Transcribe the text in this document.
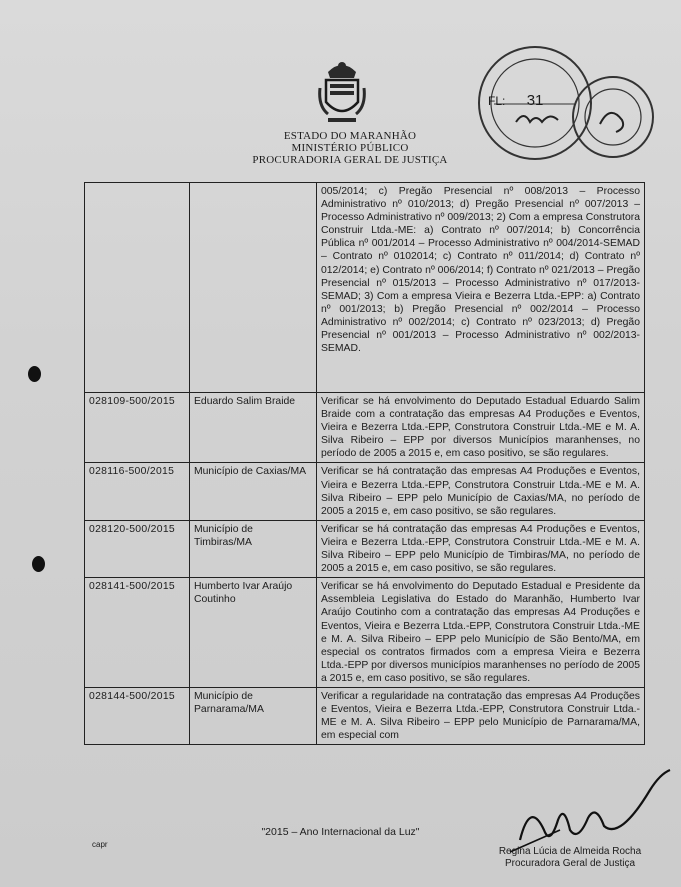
ESTADO DO MARANHÃO
MINISTÉRIO PÚBLICO
PROCURADORIA GERAL DE JUSTIÇA
FL: 31
		005/2014; c) Pregão Presencial nº 008/2013 – Processo Administrativo nº 010/2013; d) Pregão Presencial nº 007/2013 – Processo Administrativo nº 009/2013; 2) Com a empresa Construtora Construir Ltda.-ME: a) Contrato nº 007/2014; b) Concorrência Pública nº 001/2014 – Processo Administrativo nº 004/2014-SEMAD – Contrato nº 0102014; c) Contrato nº 011/2014; d) Contrato nº 012/2014; e) Contrato nº 006/2014; f) Contrato nº 021/2013 – Pregão Presencial nº 015/2013 – Processo Administrativo nº 017/2013-SEMAD; 3) Com a empresa Vieira e Bezerra Ltda.-EPP: a) Contrato nº 001/2013; b) Pregão Presencial nº 002/2014 – Processo Administrativo nº 002/2014; c) Contrato nº 023/2013; d) Pregão Presencial nº 001/2013 – Processo Administrativo nº 002/2013-SEMAD.
028109-500/2015	Eduardo Salim Braide	Verificar se há envolvimento do Deputado Estadual Eduardo Salim Braide com a contratação das empresas A4 Produções e Eventos, Vieira e Bezerra Ltda.-EPP, Construtora Construir Ltda.-ME e M. A. Silva Ribeiro – EPP por diversos Municípios maranhenses, no período de 2005 a 2015 e, em caso positivo, se são regulares.
028116-500/2015	Município de Caxias/MA	Verificar se há contratação das empresas A4 Produções e Eventos, Vieira e Bezerra Ltda.-EPP, Construtora Construir Ltda.-ME e M. A. Silva Ribeiro – EPP pelo Município de Caxias/MA, no período de 2005 a 2015 e, em caso positivo, se são regulares.
028120-500/2015	Município de Timbiras/MA	Verificar se há contratação das empresas A4 Produções e Eventos, Vieira e Bezerra Ltda.-EPP, Construtora Construir Ltda.-ME e M. A. Silva Ribeiro – EPP pelo Município de Timbiras/MA, no período de 2005 a 2015 e, em caso positivo, se são regulares.
028141-500/2015	Humberto Ivar Araújo Coutinho	Verificar se há envolvimento do Deputado Estadual e Presidente da Assembleia Legislativa do Estado do Maranhão, Humberto Ivar Araújo Coutinho com a contratação das empresas A4 Produções e Eventos, Vieira e Bezerra Ltda.-EPP, Construtora Construir Ltda.-ME e M. A. Silva Ribeiro – EPP pelo Município de São Bento/MA, em especial os contratos firmados com a empresa Vieira e Bezerra Ltda.-EPP por diversos municípios maranhenses no período de 2005 a 2015 e, em caso positivo, se são regulares.
028144-500/2015	Município de Parnarama/MA	Verificar a regularidade na contratação das empresas A4 Produções e Eventos, Vieira e Bezerra Ltda.-EPP, Construtora Construir Ltda.-ME e M. A. Silva Ribeiro – EPP pelo Município de Parnarama/MA, em especial com
"2015 – Ano Internacional da Luz"
capr
Regina Lúcia de Almeida Rocha
Procuradora Geral de Justiça
